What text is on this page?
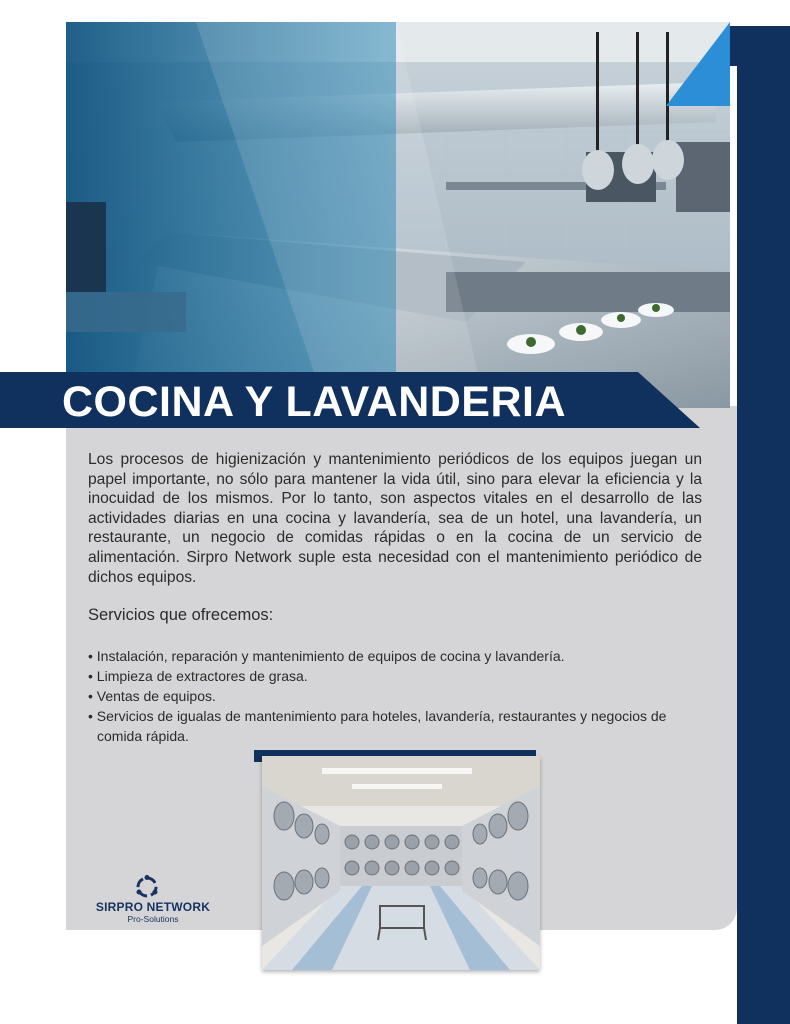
COCINA Y LAVANDERIA
Los procesos de higienización y mantenimiento periódicos de los equipos juegan un papel importante, no sólo para mantener la vida útil, sino para elevar la eficiencia y la inocuidad de los mismos. Por lo tanto, son aspectos vitales en el desarrollo de las actividades diarias en una cocina y lavandería, sea de un hotel, una lavandería, un restaurante, un negocio de comidas rápidas o en la cocina de un servicio de alimentación. Sirpro Network suple esta necesidad con el mantenimiento periódico de dichos equipos.
Servicios que ofrecemos:
• Instalación, reparación y mantenimiento de equipos de cocina y lavandería.
• Limpieza de extractores de grasa.
• Ventas de equipos.
• Servicios de igualas de mantenimiento para hoteles, lavandería, restaurantes y negocios de comida rápida.
SIRPRO NETWORK
Pro-Solutions
